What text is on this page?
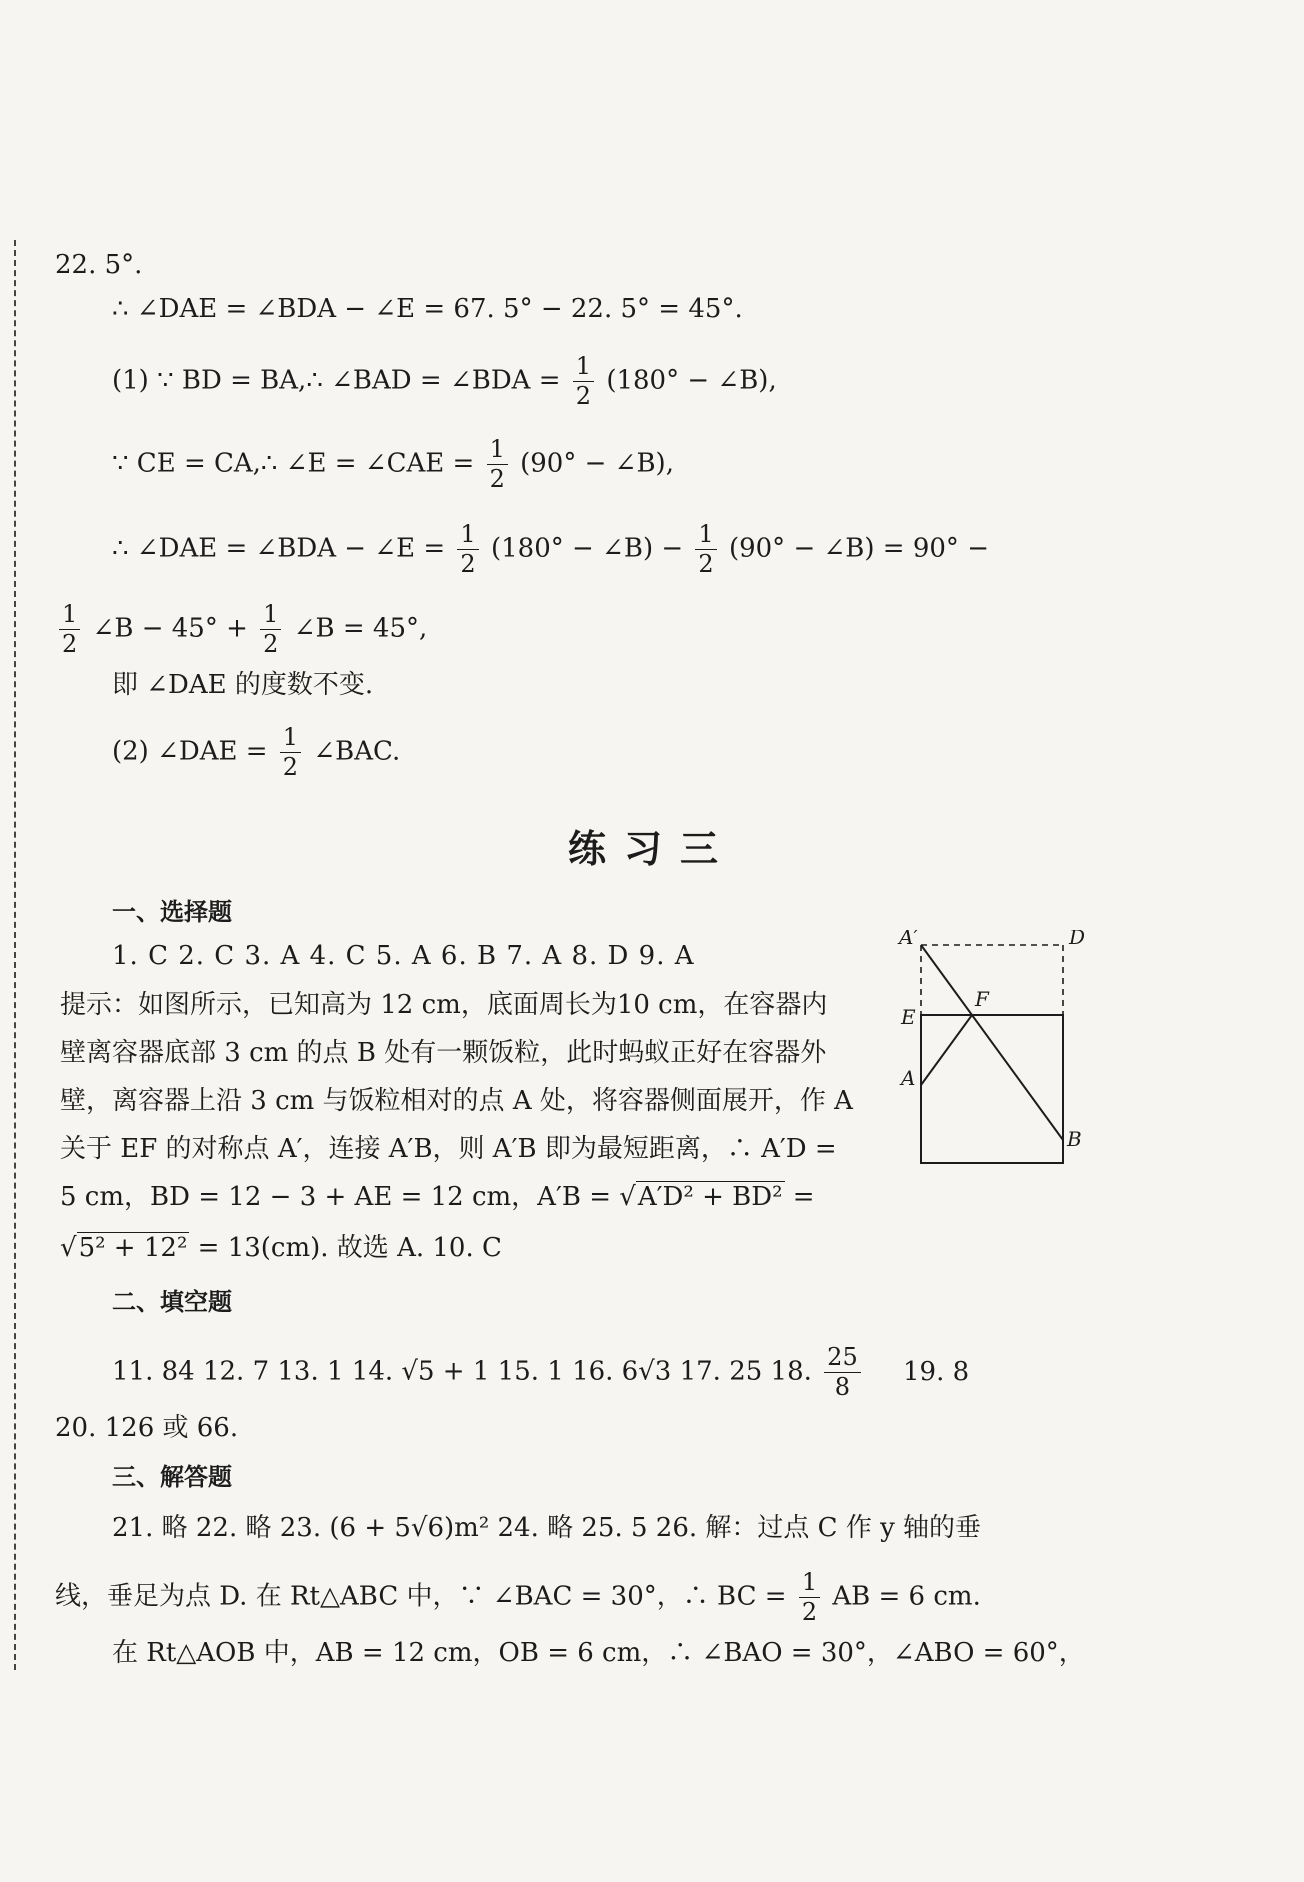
22. 5°.
∴ ∠DAE = ∠BDA − ∠E = 67. 5° − 22. 5° = 45°.
(1) ∵ BD = BA,∴ ∠BAD = ∠BDA = $\frac{1}{2} (180^\circ$ − ∠B),
∵ CE = CA,∴ ∠E = ∠CAE = $\frac{1}{2} (90^\circ$ − ∠B),
∴ ∠DAE = ∠BDA − ∠E = $\frac{1}{2} (180^\circ$ − ∠B) − $\frac{1}{2} (90^\circ$ − ∠B) = 90° −
$\frac{1}{2}$ ∠B − $45^\circ + \frac{1}{2}$ ∠B = 45°,
即 ∠DAE 的度数不变.
(2) ∠DAE = $\frac{1}{2}$ ∠BAC.
练习三
一、选择题
1. C 2. C 3. A 4. C 5. A 6. B 7. A 8. D 9. A
提示：如图所示，已知高为 12 cm，底面周长为10 cm，在容器内
壁离容器底部 3 cm 的点 B 处有一颗饭粒，此时蚂蚁正好在容器外
壁，离容器上沿 3 cm 与饭粒相对的点 A 处，将容器侧面展开，作 A
关于 EF 的对称点 A′，连接 A′B，则 A′B 即为最短距离，∴ A′D =
5 cm，BD = 12 − 3 + AE = 12 cm，A′B = √A′D² + BD² =
√5² + 12² = 13(cm). 故选 A. 10. C
A′	D
E
F
A
B
二、填空题
11. 84 12. 7 13. 1 14. √5 + 1 15. 1 16. 6√3 17. 25 18. $\frac{25}{8} 19$. 8
20. 126 或 66.
三、解答题
21. 略 22. 略 23. (6 + 5√6)m² 24. 略 25. 5 26. 解：过点 C 作 y 轴的垂
线，垂足为点 D. 在 Rt△ABC 中，∵ ∠BAC = 30°，∴ BC = $\frac{1}{2}$ AB = 6 cm.
在 Rt△AOB 中，AB = 12 cm，OB = 6 cm，∴ ∠BAO = 30°，∠ABO = 60°，
